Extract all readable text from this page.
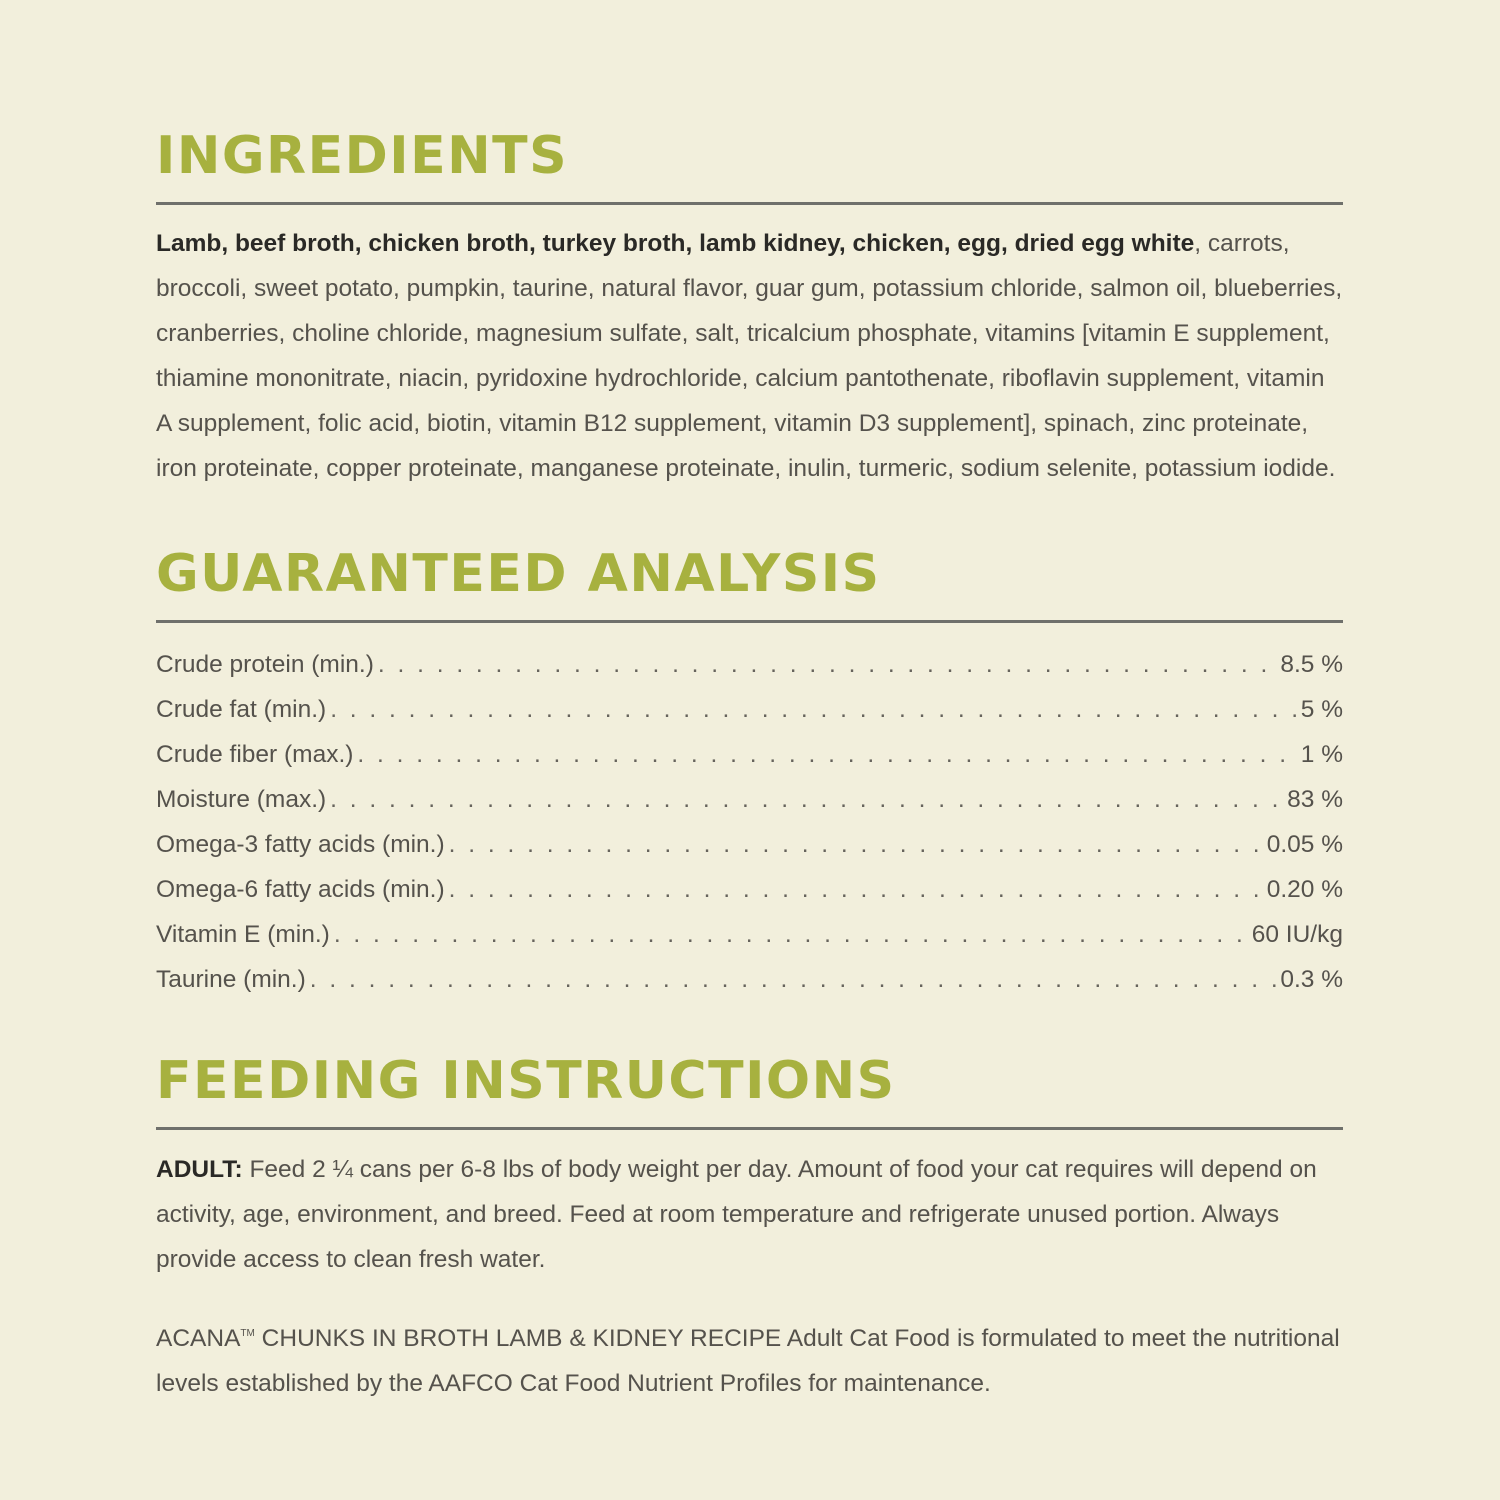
INGREDIENTS

Lamb, beef broth, chicken broth, turkey broth, lamb kidney, chicken, egg, dried egg white, carrots, broccoli, sweet potato, pumpkin, taurine, natural flavor, guar gum, potassium chloride, salmon oil, blueberries, cranberries, choline chloride, magnesium sulfate, salt, tricalcium phosphate, vitamins [vitamin E supplement, thiamine mononitrate, niacin, pyridoxine hydrochloride, calcium pantothenate, riboflavin supplement, vitamin A supplement, folic acid, biotin, vitamin B12 supplement, vitamin D3 supplement], spinach, zinc proteinate, iron proteinate, copper proteinate, manganese proteinate, inulin, turmeric, sodium selenite, potassium iodide.

GUARANTEED ANALYSIS
Crude protein (min.) . . .	8.5 %
Crude fat (min.) . . .	5 %
Crude fiber (max.) . . .	1 %
Moisture (max.) . . .	83 %
Omega-3 fatty acids (min.) . . .	0.05 %
Omega-6 fatty acids (min.) . . .	0.20 %
Vitamin E (min.) . . .	60 IU/kg
Taurine (min.) . . .	0.3 %
FEEDING INSTRUCTIONS

ADULT: Feed 2 ¼ cans per 6-8 lbs of body weight per day. Amount of food your cat requires will depend on activity, age, environment, and breed. Feed at room temperature and refrigerate unused portion. Always provide access to clean fresh water.

ACANA™ CHUNKS IN BROTH LAMB & KIDNEY RECIPE Adult Cat Food is formulated to meet the nutritional levels established by the AAFCO Cat Food Nutrient Profiles for maintenance.
